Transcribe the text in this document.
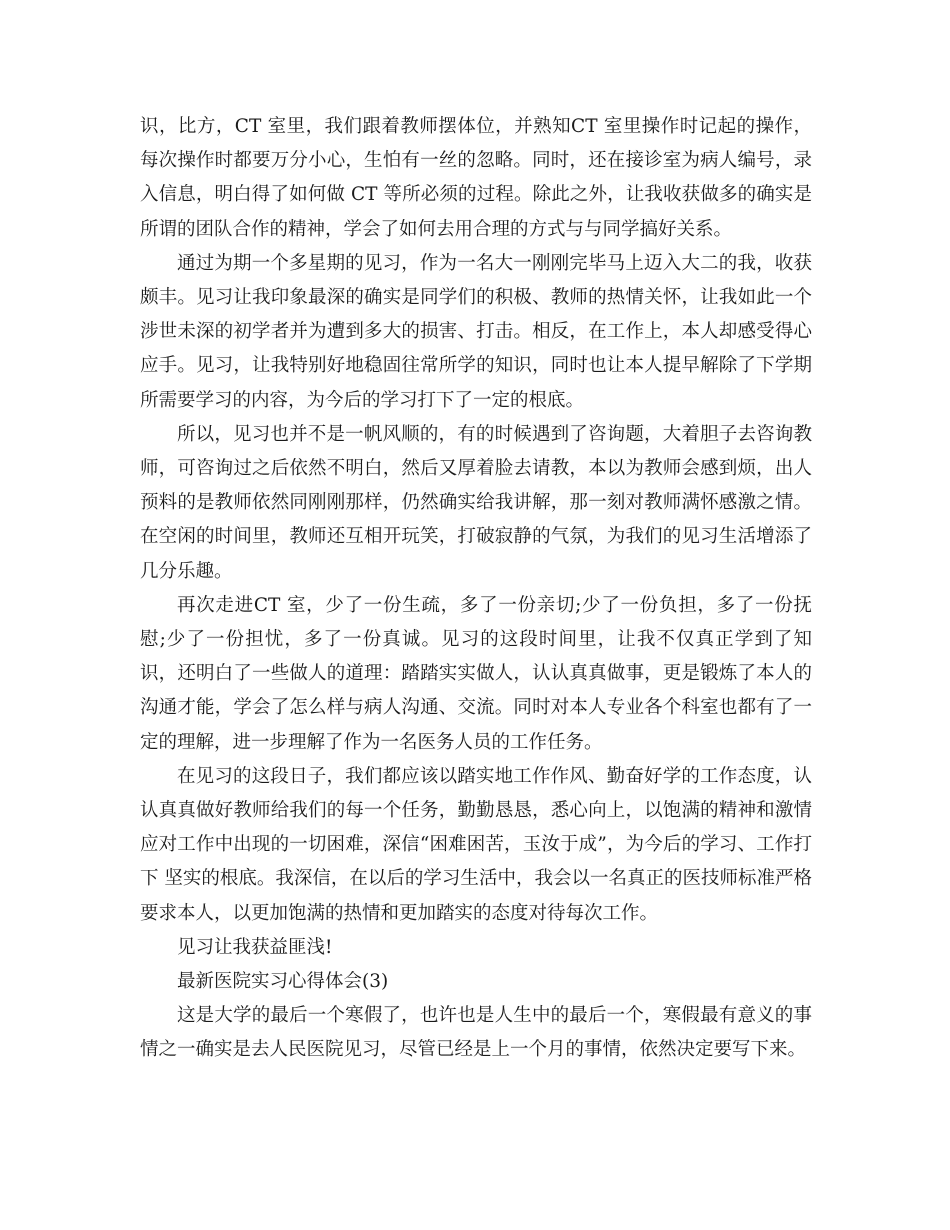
识，比方，CT 室里，我们跟着教师摆体位，并熟知CT 室里操作时记起的操作，每次操作时都要万分小心，生怕有一丝的忽略。同时，还在接诊室为病人编号，录入信息，明白得了如何做 CT 等所必须的过程。除此之外，让我收获做多的确实是所谓的团队合作的精神，学会了如何去用合理的方式与与同学搞好关系。

通过为期一个多星期的见习，作为一名大一刚刚完毕马上迈入大二的我，收获颇丰。见习让我印象最深的确实是同学们的积极、教师的热情关怀，让我如此一个涉世未深的初学者并为遭到多大的损害、打击。相反，在工作上，本人却感受得心应手。见习，让我特别好地稳固往常所学的知识，同时也让本人提早解除了下学期所需要学习的内容，为今后的学习打下了一定的根底。

所以，见习也并不是一帆风顺的，有的时候遇到了咨询题，大着胆子去咨询教师，可咨询过之后依然不明白，然后又厚着脸去请教，本以为教师会感到烦，出人预料的是教师依然同刚刚那样，仍然确实给我讲解，那一刻对教师满怀感激之情。在空闲的时间里，教师还互相开玩笑，打破寂静的气氛，为我们的见习生活增添了几分乐趣。

再次走进CT 室，少了一份生疏，多了一份亲切;少了一份负担，多了一份抚慰;少了一份担忧，多了一份真诚。见习的这段时间里，让我不仅真正学到了知识，还明白了一些做人的道理：踏踏实实做人，认认真真做事，更是锻炼了本人的沟通才能，学会了怎么样与病人沟通、交流。同时对本人专业各个科室也都有了一定的理解，进一步理解了作为一名医务人员的工作任务。

在见习的这段日子，我们都应该以踏实地工作作风、勤奋好学的工作态度，认认真真做好教师给我们的每一个任务，勤勤恳恳，悉心向上，以饱满的精神和激情应对工作中出现的一切困难，深信“困难困苦，玉汝于成”，为今后的学习、工作打下 坚实的根底。我深信，在以后的学习生活中，我会以一名真正的医技师标准严格要求本人，以更加饱满的热情和更加踏实的态度对待每次工作。

见习让我获益匪浅!

最新医院实习心得体会(3)

这是大学的最后一个寒假了，也许也是人生中的最后一个，寒假最有意义的事情之一确实是去人民医院见习，尽管已经是上一个月的事情，依然决定要写下来。
